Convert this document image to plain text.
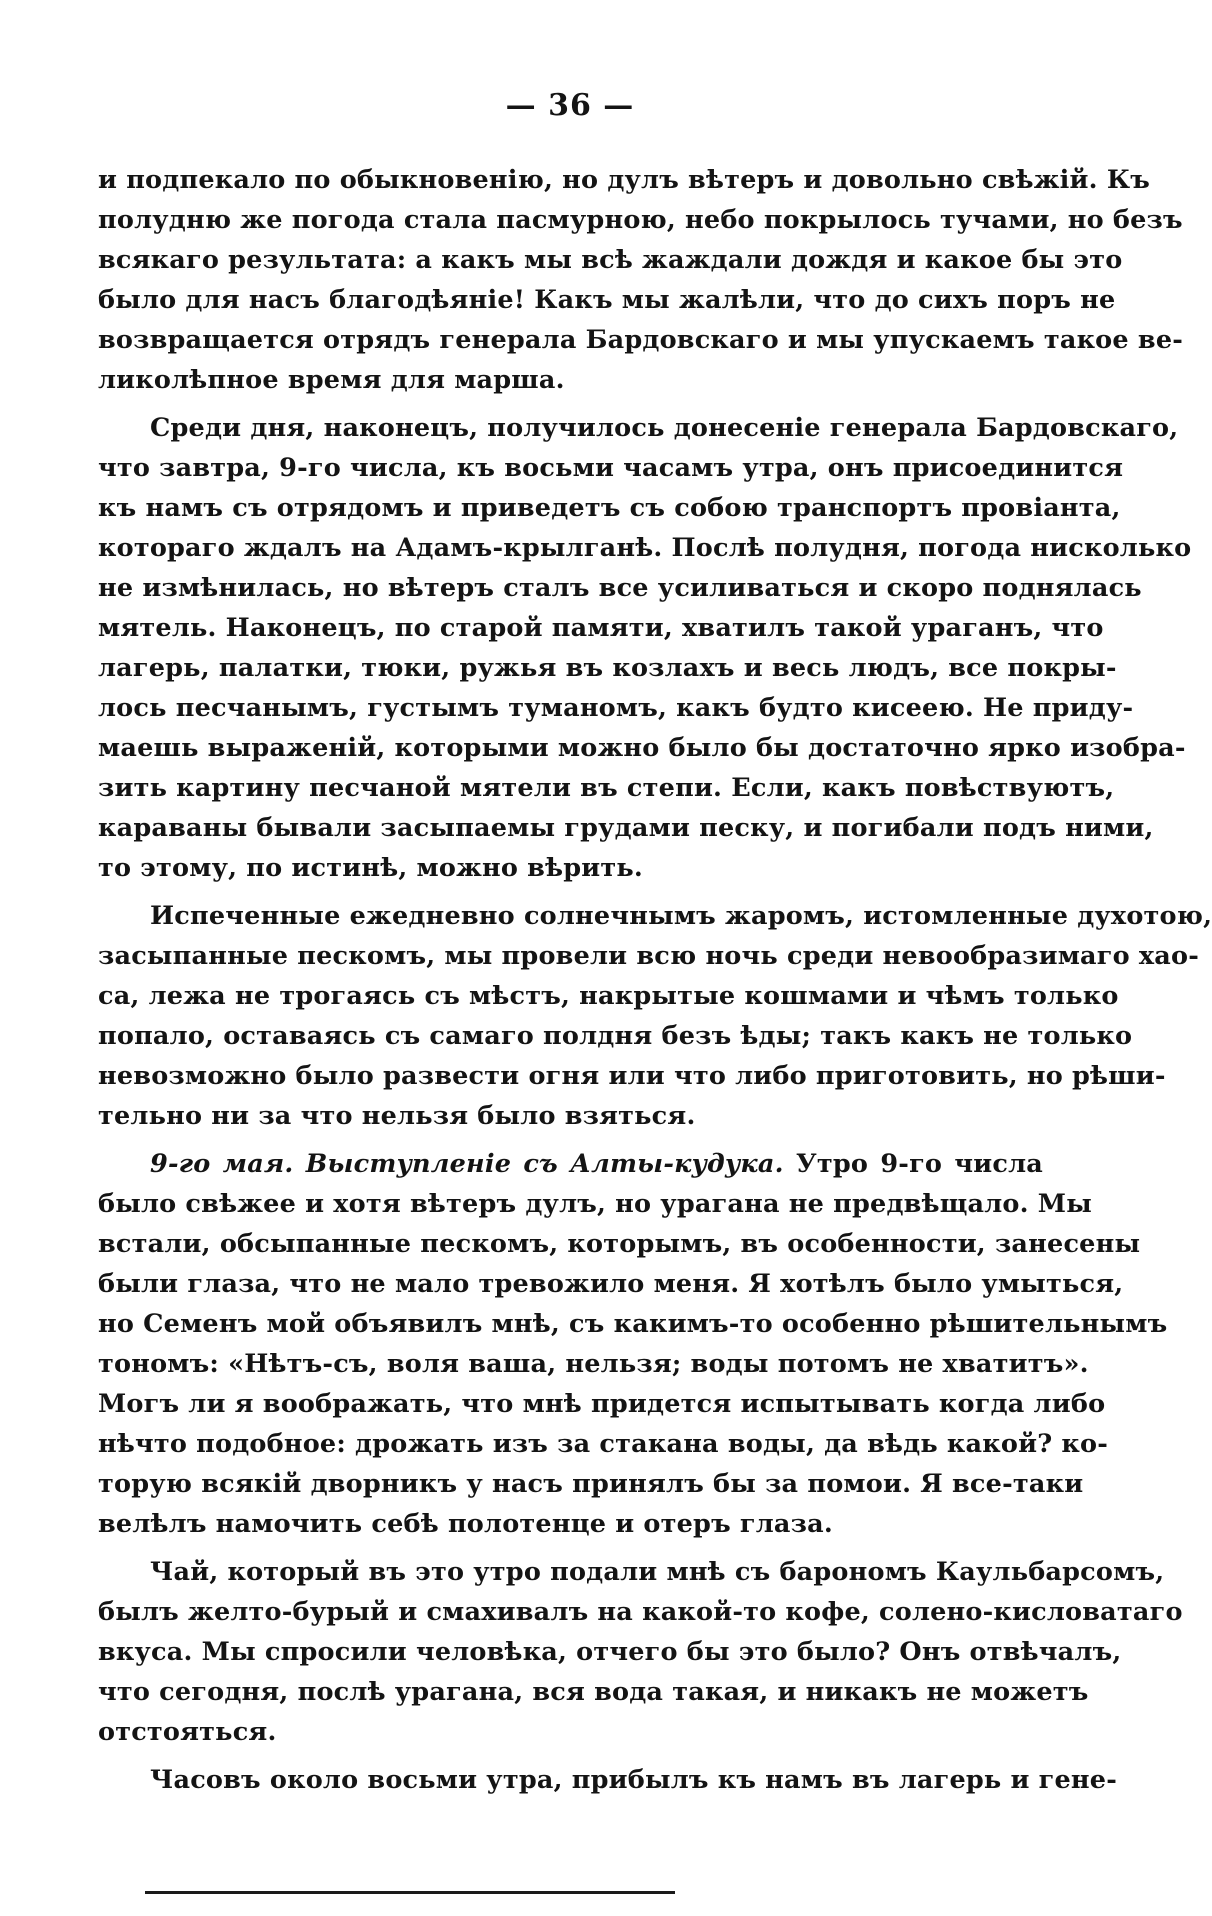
— 36 —
и подпекало по обыкновенію, но дулъ вѣтеръ и довольно свѣжій. Къ
полудню же погода стала пасмурною, небо покрылось тучами, но безъ
всякаго результата: а какъ мы всѣ жаждали дождя и какое бы это
было для насъ благодѣяніе! Какъ мы жалѣли, что до сихъ поръ не
возвращается отрядъ генерала Бардовскаго и мы упускаемъ такое ве-
ликолѣпное время для марша.
Среди дня, наконецъ, получилось донесеніе генерала Бардовскаго,
что завтра, 9-го числа, къ восьми часамъ утра, онъ присоединится
къ намъ съ отрядомъ и приведетъ съ собою транспортъ провіанта,
котораго ждалъ на Адамъ-крылганѣ. Послѣ полудня, погода нисколько
не измѣнилась, но вѣтеръ сталъ все усиливаться и скоро поднялась
мятель. Наконецъ, по старой памяти, хватилъ такой ураганъ, что
лагерь, палатки, тюки, ружья въ козлахъ и весь людъ, все покры-
лось песчанымъ, густымъ туманомъ, какъ будто кисеею. Не приду-
маешь выраженій, которыми можно было бы достаточно ярко изобра-
зить картину песчаной мятели въ степи. Если, какъ повѣствуютъ,
караваны бывали засыпаемы грудами песку, и погибали подъ ними,
то этому, по истинѣ, можно вѣрить.
Испеченные ежедневно солнечнымъ жаромъ, истомленные духотою,
засыпанные пескомъ, мы провели всю ночь среди невообразимаго хао-
са, лежа не трогаясь съ мѣстъ, накрытые кошмами и чѣмъ только
попало, оставаясь съ самаго полдня безъ ѣды; такъ какъ не только
невозможно было развести огня или что либо приготовить, но рѣши-
тельно ни за что нельзя было взяться.
9-го мая. Выступленіе съ Алты-кудука. Утро 9-го числа
было свѣжее и хотя вѣтеръ дулъ, но урагана не предвѣщало. Мы
встали, обсыпанные пескомъ, которымъ, въ особенности, занесены
были глаза, что не мало тревожило меня. Я хотѣлъ было умыться,
но Семенъ мой объявилъ мнѣ, съ какимъ-то особенно рѣшительнымъ
тономъ: «Нѣтъ-съ, воля ваша, нельзя; воды потомъ не хватитъ».
Могъ ли я воображать, что мнѣ придется испытывать когда либо
нѣчто подобное: дрожать изъ за стакана воды, да вѣдь какой? ко-
торую всякій дворникъ у насъ принялъ бы за помои. Я все-таки
велѣлъ намочить себѣ полотенце и отеръ глаза.
Чай, который въ это утро подали мнѣ съ барономъ Каульбарсомъ,
былъ желто-бурый и смахивалъ на какой-то кофе, солено-кисловатаго
вкуса. Мы спросили человѣка, отчего бы это было? Онъ отвѣчалъ,
что сегодня, послѣ урагана, вся вода такая, и никакъ не можетъ
отстояться.
Часовъ около восьми утра, прибылъ къ намъ въ лагерь и гене-
